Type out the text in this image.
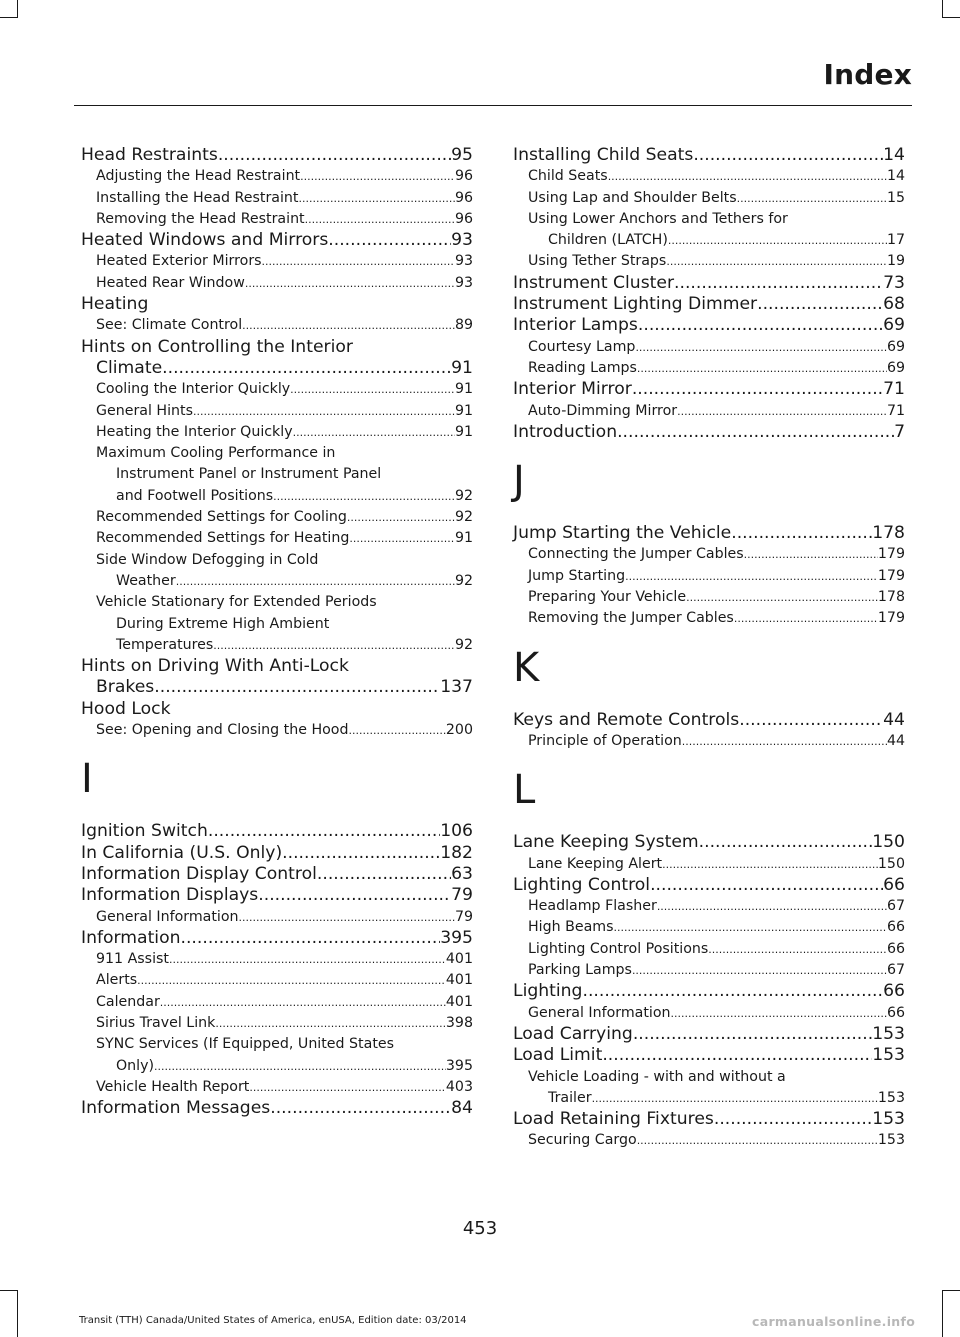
Index
Head Restraints .....	95
Adjusting the Head Restraint .....	96
Installing the Head Restraint .....	96
Removing the Head Restraint .....	96
Heated Windows and Mirrors .....	93
Heated Exterior Mirrors .....	93
Heated Rear Window .....	93
Heating
See: Climate Control .....	89
Hints on Controlling the Interior
Climate .....	91
Cooling the Interior Quickly .....	91
General Hints .....	91
Heating the Interior Quickly .....	91
Maximum Cooling Performance in
Instrument Panel or Instrument Panel
and Footwell Positions .....	92
Recommended Settings for Cooling .....	92
Recommended Settings for Heating .....	91
Side Window Defogging in Cold
Weather .....	92
Vehicle Stationary for Extended Periods
During Extreme High Ambient
Temperatures .....	92
Hints on Driving With Anti-Lock
Brakes .....	137
Hood Lock
See: Opening and Closing the Hood .....	200
I
Ignition Switch .....	106
In California (U.S. Only) .....	182
Information Display Control .....	63
Information Displays .....	79
General Information .....	79
Information .....	395
911 Assist .....	401
Alerts .....	401
Calendar .....	401
Sirius Travel Link .....	398
SYNC Services (If Equipped, United States
Only) .....	395
Vehicle Health Report .....	403
Information Messages .....	84
Installing Child Seats .....	14
Child Seats .....	14
Using Lap and Shoulder Belts .....	15
Using Lower Anchors and Tethers for
Children (LATCH) .....	17
Using Tether Straps .....	19
Instrument Cluster .....	73
Instrument Lighting Dimmer .....	68
Interior Lamps .....	69
Courtesy Lamp .....	69
Reading Lamps .....	69
Interior Mirror .....	71
Auto-Dimming Mirror .....	71
Introduction .....	7
J
Jump Starting the Vehicle .....	178
Connecting the Jumper Cables .....	179
Jump Starting .....	179
Preparing Your Vehicle .....	178
Removing the Jumper Cables .....	179
K
Keys and Remote Controls .....	44
Principle of Operation .....	44
L
Lane Keeping System .....	150
Lane Keeping Alert .....	150
Lighting Control .....	66
Headlamp Flasher .....	67
High Beams .....	66
Lighting Control Positions .....	66
Parking Lamps .....	67
Lighting .....	66
General Information .....	66
Load Carrying .....	153
Load Limit .....	153
Vehicle Loading - with and without a
Trailer .....	153
Load Retaining Fixtures .....	153
Securing Cargo .....	153
453
Transit (TTH) Canada/United States of America, enUSA, Edition date: 03/2014	carmanualsonline.info
